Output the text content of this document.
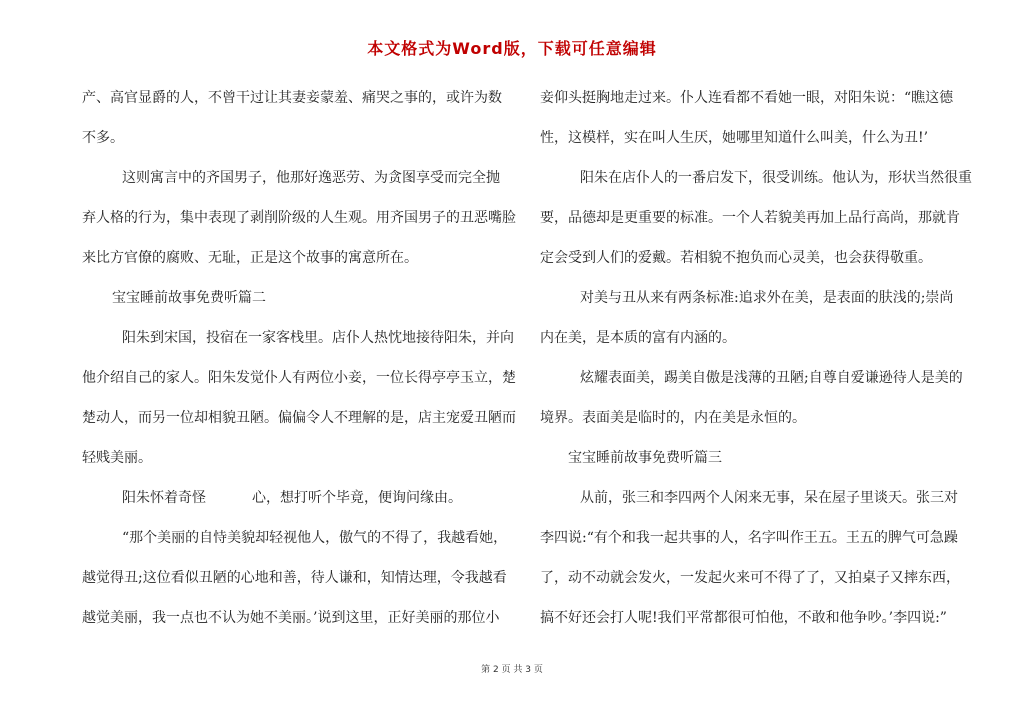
本文格式为Word版，下载可任意编辑
产、高官显爵的人，不曾干过让其妻妾蒙羞、痛哭之事的，或许为数
不多。
这则寓言中的齐国男子，他那好逸恶劳、为贪图享受而完全抛
弃人格的行为，集中表现了剥削阶级的人生观。用齐国男子的丑恶嘴脸
来比方官僚的腐败、无耻，正是这个故事的寓意所在。
宝宝睡前故事免费听篇二
阳朱到宋国，投宿在一家客栈里。店仆人热忱地接待阳朱，并向
他介绍自己的家人。阳朱发觉仆人有两位小妾，一位长得亭亭玉立，楚
楚动人，而另一位却相貌丑陋。偏偏令人不理解的是，店主宠爱丑陋而
轻贱美丽。
阳朱怀着奇怪	心，想打听个毕竟，便询问缘由。
“那个美丽的自恃美貌却轻视他人，傲气的不得了，我越看她，
越觉得丑;这位看似丑陋的心地和善，待人谦和，知情达理，令我越看
越觉美丽，我一点也不认为她不美丽。’说到这里，正好美丽的那位小
妾仰头挺胸地走过来。仆人连看都不看她一眼，对阳朱说：“瞧这德
性，这模样，实在叫人生厌，她哪里知道什么叫美，什么为丑!’
阳朱在店仆人的一番启发下，很受训练。他认为，形状当然很重
要，品德却是更重要的标准。一个人若貌美再加上品行高尚，那就肯
定会受到人们的爱戴。若相貌不抱负而心灵美，也会获得敬重。
对美与丑从来有两条标准:追求外在美，是表面的肤浅的;崇尚
内在美，是本质的富有内涵的。
炫耀表面美，踢美自傲是浅薄的丑陋;自尊自爱谦逊待人是美的
境界。表面美是临时的，内在美是永恒的。
宝宝睡前故事免费听篇三
从前，张三和李四两个人闲来无事，呆在屋子里谈天。张三对
李四说:“有个和我一起共事的人，名字叫作王五。王五的脾气可急躁
了，动不动就会发火，一发起火来可不得了了，又拍桌子又摔东西，
搞不好还会打人呢!我们平常都很可怕他，不敢和他争吵。’李四说:”
第 2 页 共 3 页
